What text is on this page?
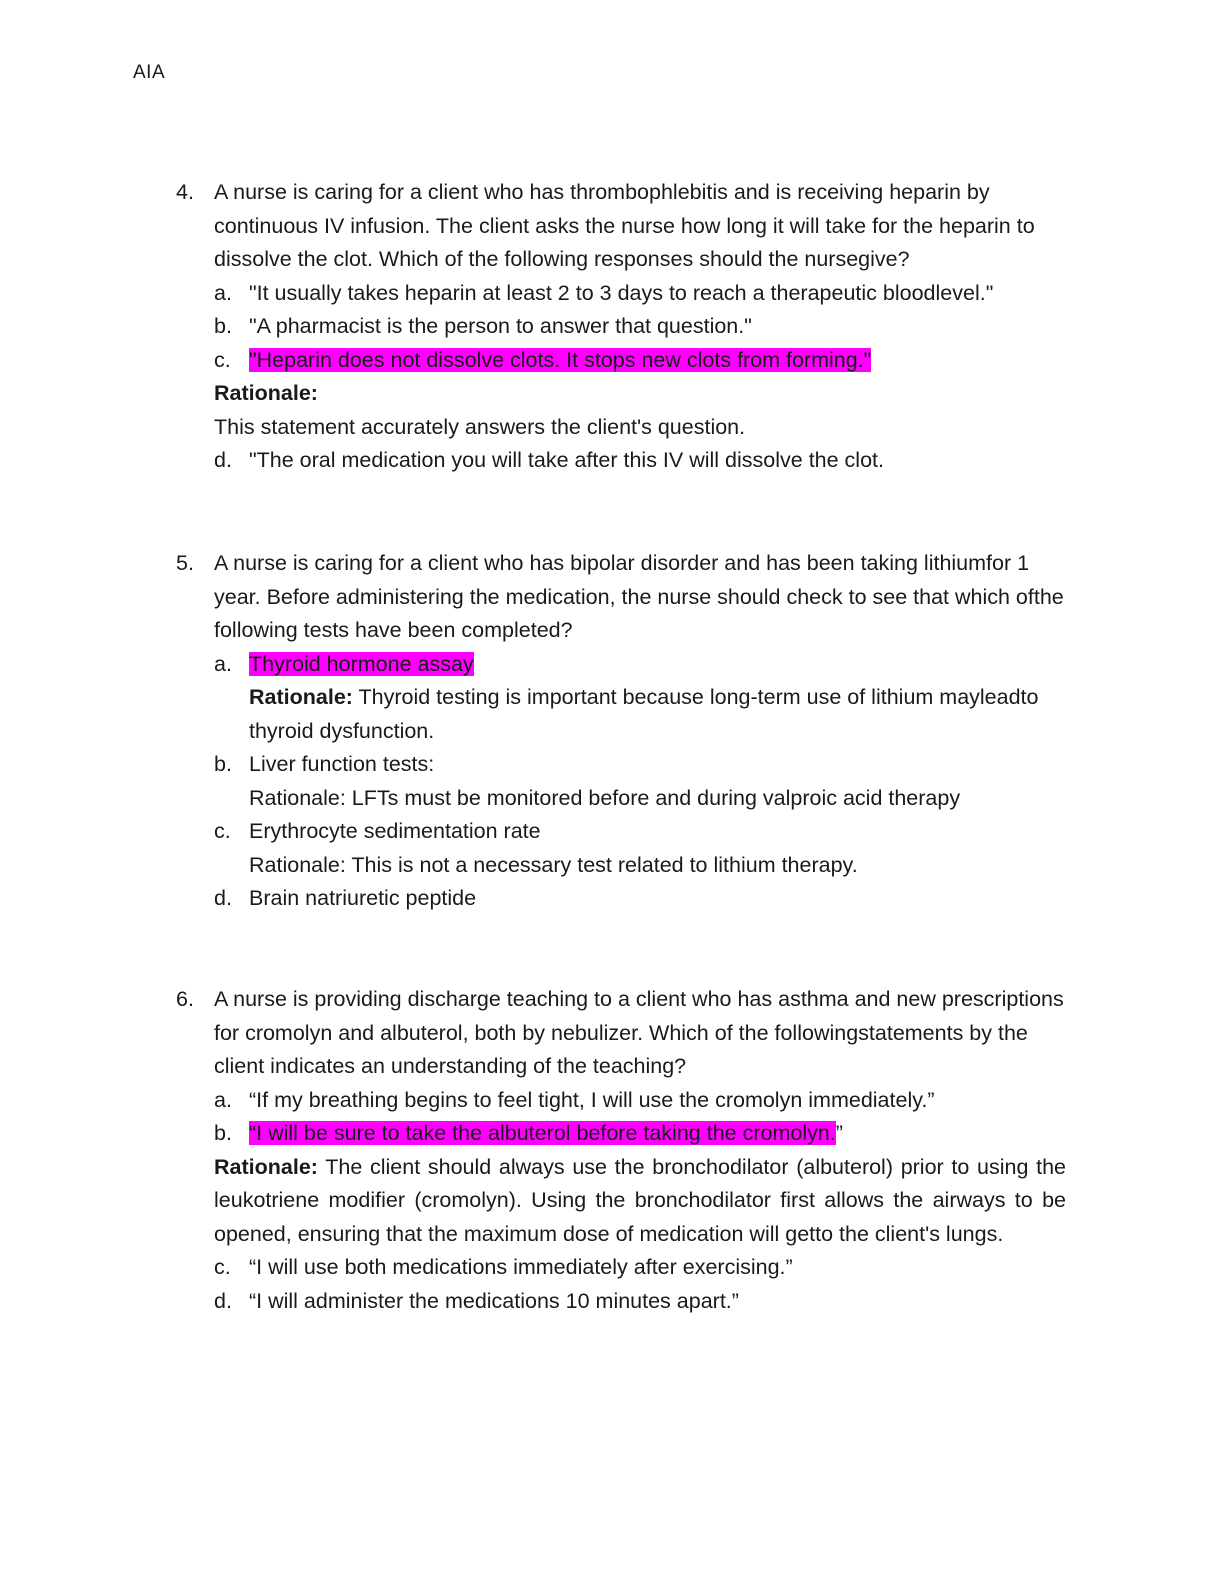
AIA
4. A nurse is caring for a client who has thrombophlebitis and is receiving heparin by continuous IV infusion. The client asks the nurse how long it will take for the heparin to dissolve the clot. Which of the following responses should the nursegive?
a. "It usually takes heparin at least 2 to 3 days to reach a therapeutic bloodlevel."
b. "A pharmacist is the person to answer that question."
c. "Heparin does not dissolve clots. It stops new clots from forming."
Rationale:
This statement accurately answers the client's question.
d. "The oral medication you will take after this IV will dissolve the clot.
5. A nurse is caring for a client who has bipolar disorder and has been taking lithiumfor 1 year. Before administering the medication, the nurse should check to see that which ofthe following tests have been completed?
a. Thyroid hormone assay
Rationale: Thyroid testing is important because long-term use of lithium mayleadto thyroid dysfunction.
b. Liver function tests:
Rationale: LFTs must be monitored before and during valproic acid therapy
c. Erythrocyte sedimentation rate
Rationale: This is not a necessary test related to lithium therapy.
d. Brain natriuretic peptide
6. A nurse is providing discharge teaching to a client who has asthma and new prescriptions for cromolyn and albuterol, both by nebulizer. Which of the followingstatements by the client indicates an understanding of the teaching?
a. “If my breathing begins to feel tight, I will use the cromolyn immediately.”
b. “I will be sure to take the albuterol before taking the cromolyn.”
Rationale: The client should always use the bronchodilator (albuterol) prior to using the leukotriene modifier (cromolyn). Using the bronchodilator first allows the airways to be opened, ensuring that the maximum dose of medication will getto the client's lungs.
c. “I will use both medications immediately after exercising.”
d. “I will administer the medications 10 minutes apart.”
